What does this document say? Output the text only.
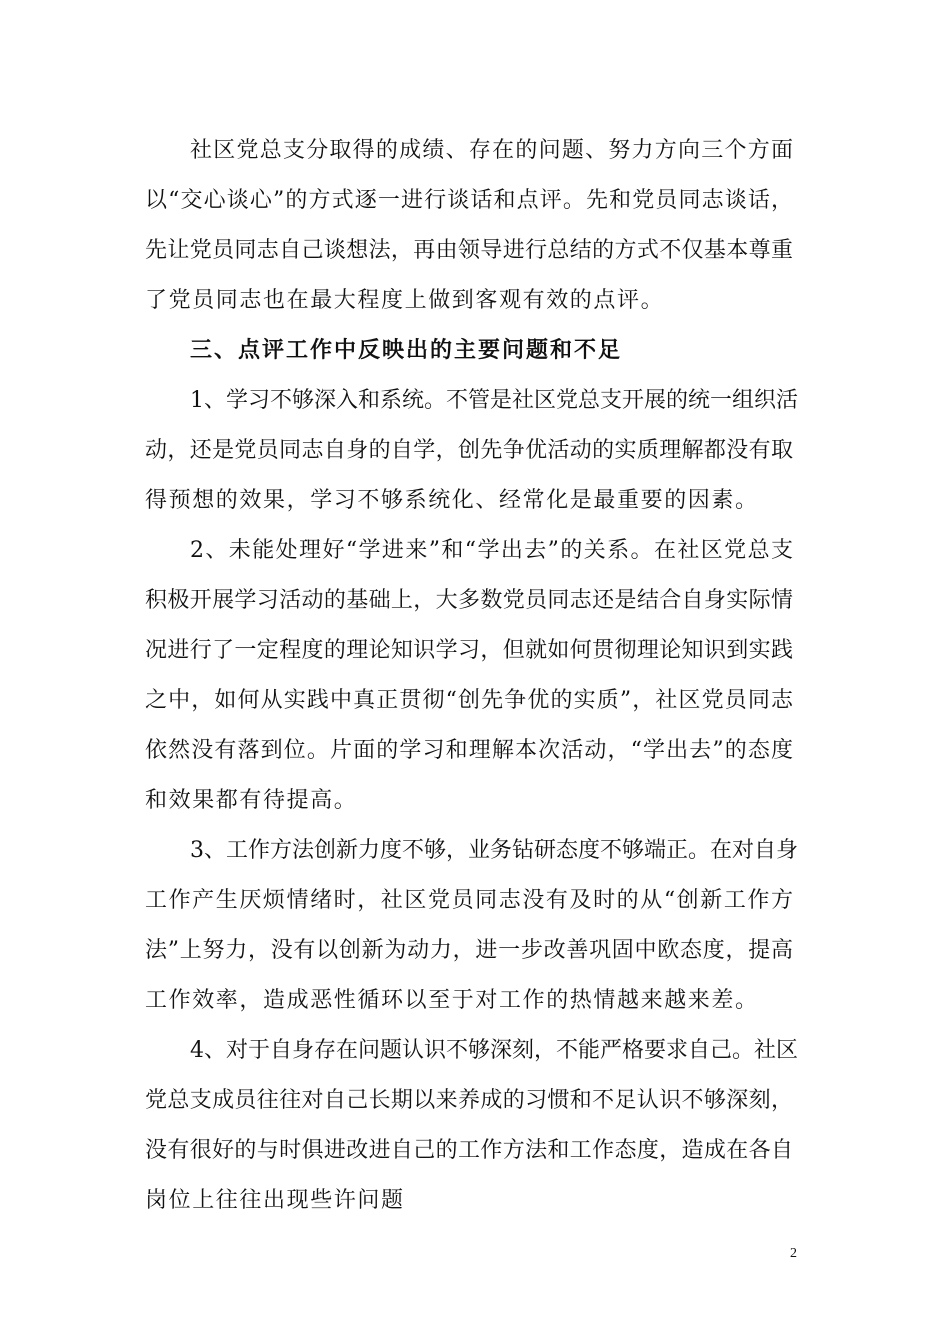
社区党总支分取得的成绩、存在的问题、努力方向三个方面
以“交心谈心”的方式逐一进行谈话和点评。先和党员同志谈话，
先让党员同志自己谈想法，再由领导进行总结的方式不仅基本尊重
了党员同志也在最大程度上做到客观有效的点评。
三、点评工作中反映出的主要问题和不足
1、学习不够深入和系统。不管是社区党总支开展的统一组织活
动，还是党员同志自身的自学，创先争优活动的实质理解都没有取
得预想的效果，学习不够系统化、经常化是最重要的因素。
2、未能处理好“学进来”和“学出去”的关系。在社区党总支
积极开展学习活动的基础上，大多数党员同志还是结合自身实际情
况进行了一定程度的理论知识学习，但就如何贯彻理论知识到实践
之中，如何从实践中真正贯彻“创先争优的实质”，社区党员同志
依然没有落到位。片面的学习和理解本次活动，“学出去”的态度
和效果都有待提高。
3、工作方法创新力度不够，业务钻研态度不够端正。在对自身
工作产生厌烦情绪时，社区党员同志没有及时的从“创新工作方
法”上努力，没有以创新为动力，进一步改善巩固中欧态度，提高
工作效率，造成恶性循环以至于对工作的热情越来越来差。
4、对于自身存在问题认识不够深刻，不能严格要求自己。社区
党总支成员往往对自己长期以来养成的习惯和不足认识不够深刻，
没有很好的与时俱进改进自己的工作方法和工作态度，造成在各自
岗位上往往出现些许问题
2
